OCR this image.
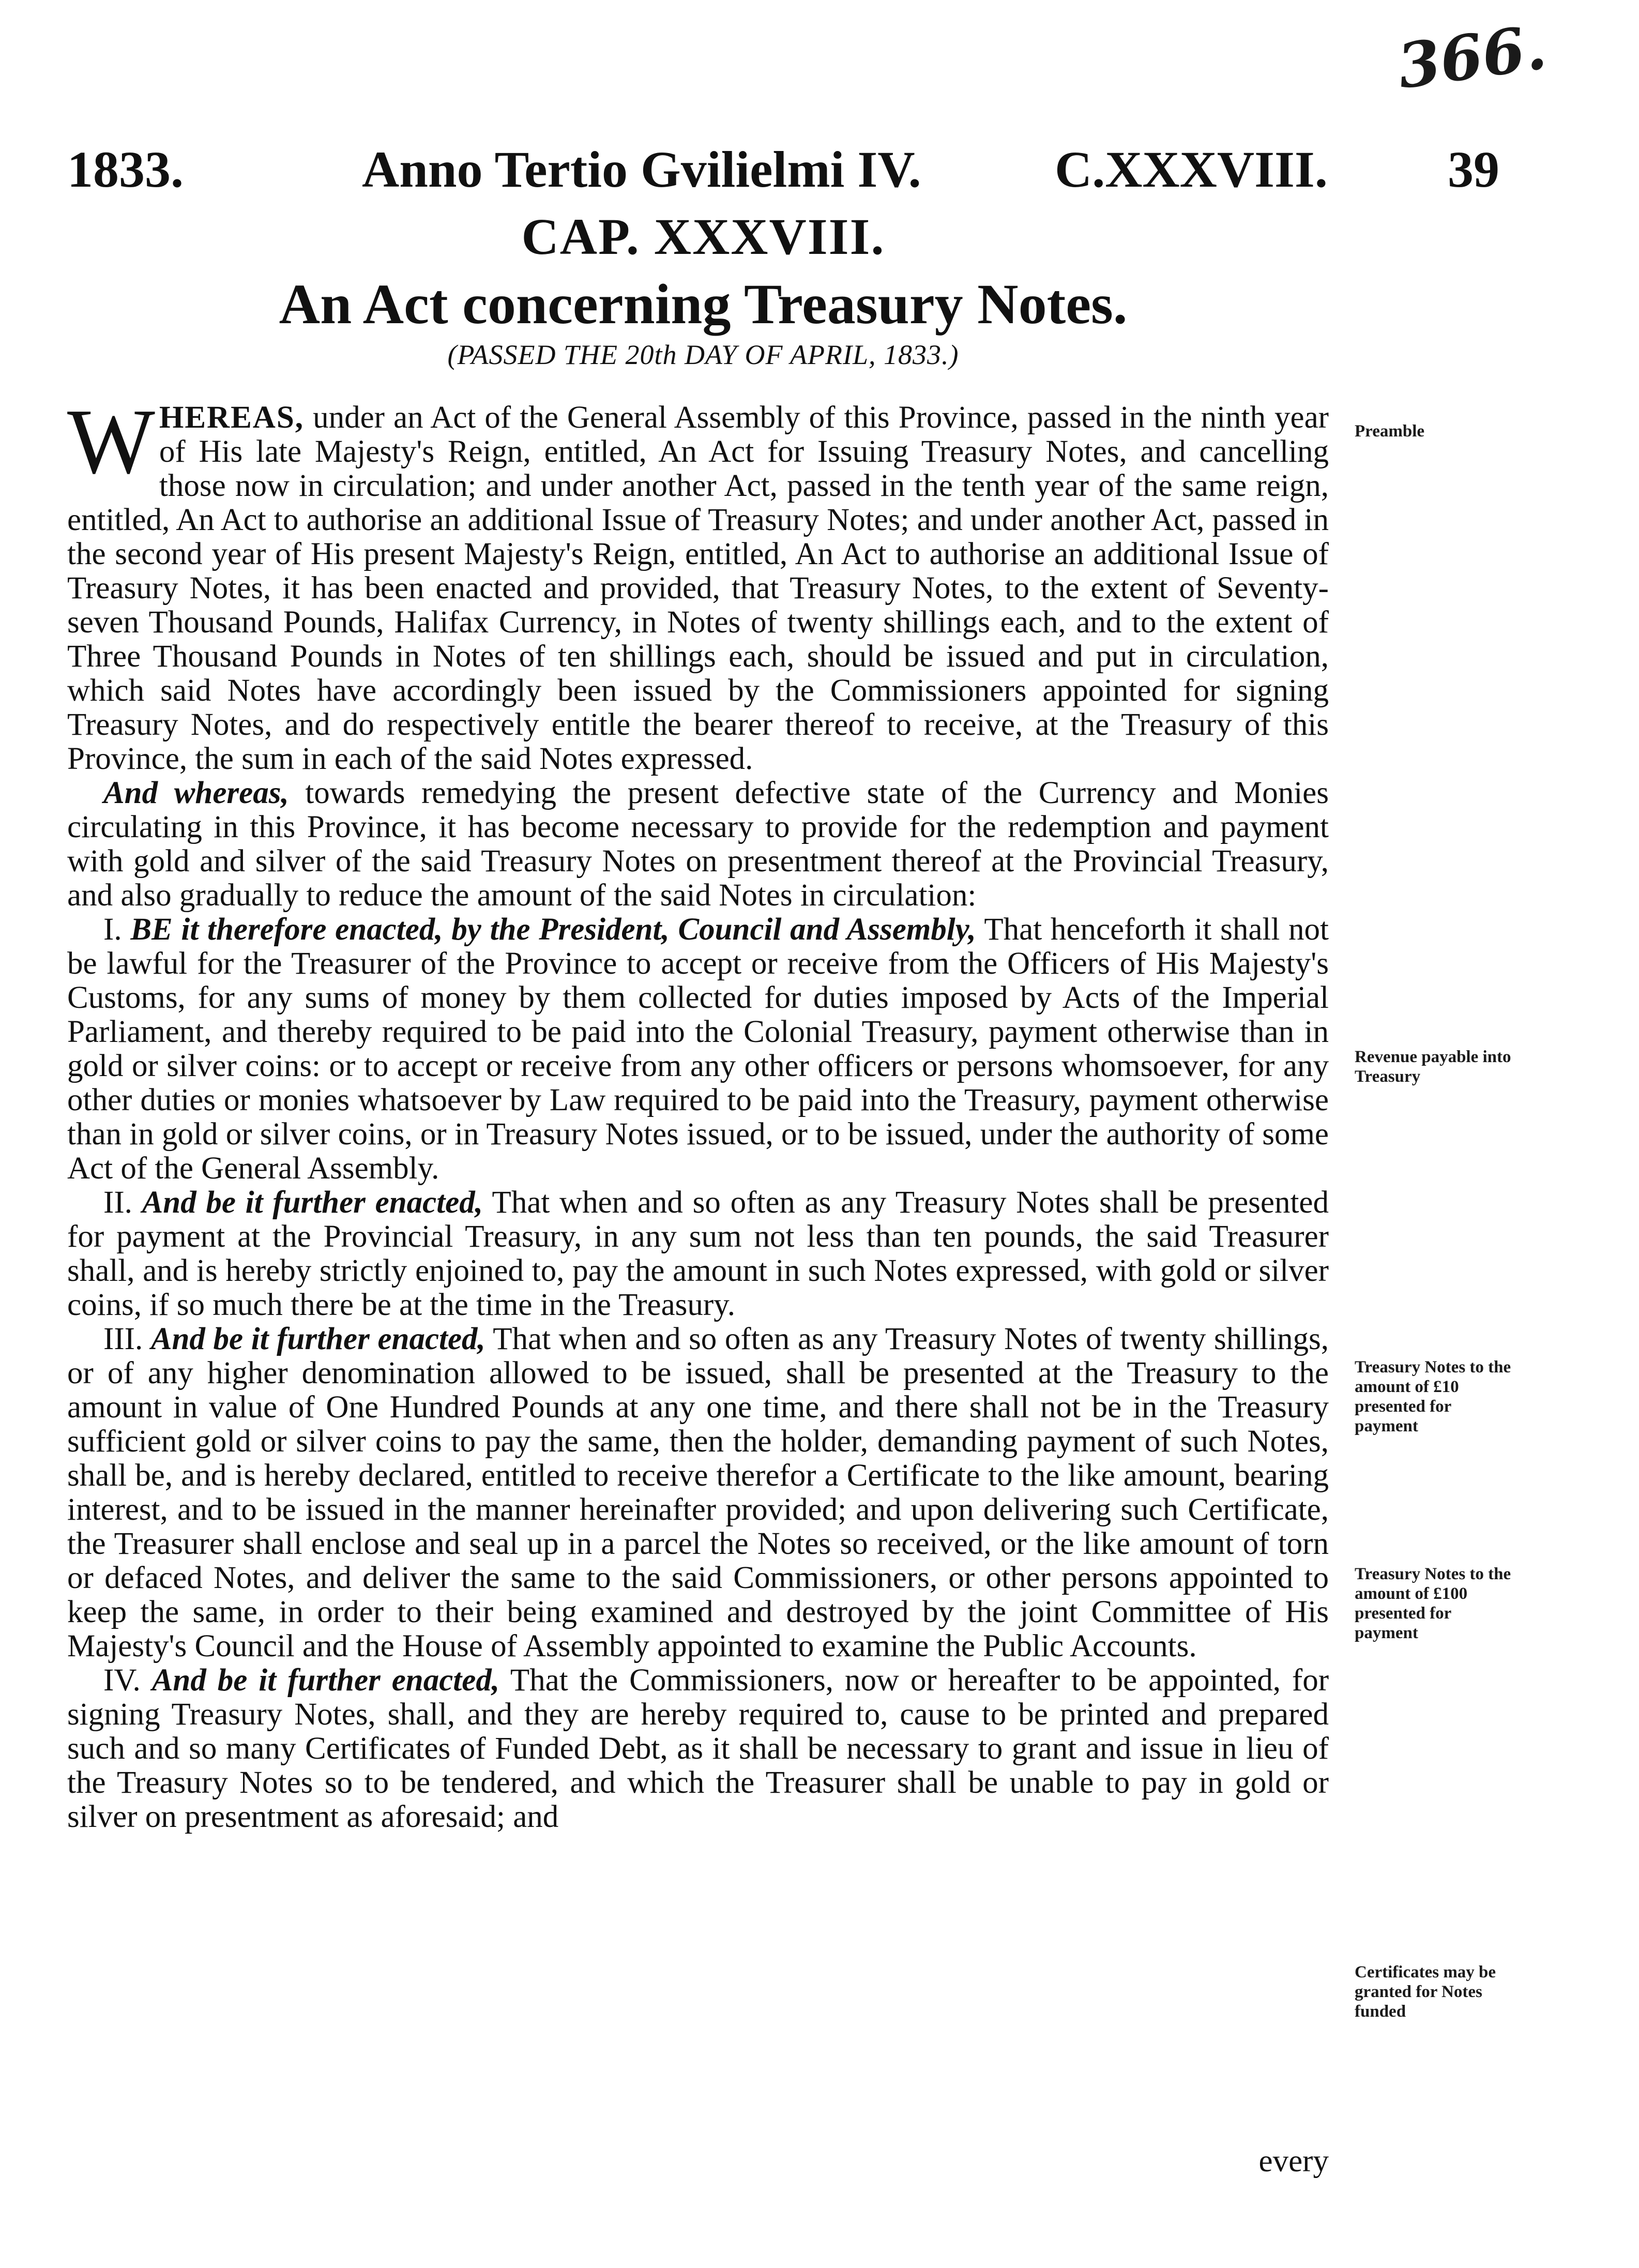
366.
1833.	Anno Tertio Gvilielmi IV.	C.XXXVIII. 39
CAP. XXXVIII.
An Act concerning Treasury Notes.
(PASSED THE 20th DAY OF APRIL, 1833.)

WHEREAS, under an Act of the General Assembly of this Province, passed in the ninth year of His late Majesty's Reign, entitled, An Act for Issuing Treasury Notes, and cancelling those now in circulation; and under another Act, passed in the tenth year of the same reign, entitled, An Act to authorise an additional Issue of Treasury Notes; and under another Act, passed in the second year of His present Majesty's Reign, entitled, An Act to authorise an additional Issue of Treasury Notes, it has been enacted and provided, that Treasury Notes, to the extent of Seventy-seven Thousand Pounds, Halifax Currency, in Notes of twenty shillings each, and to the extent of Three Thousand Pounds in Notes of ten shillings each, should be issued and put in circulation, which said Notes have accordingly been issued by the Commissioners appointed for signing Treasury Notes, and do respectively entitle the bearer thereof to receive, at the Treasury of this Province, the sum in each of the said Notes expressed.

And whereas, towards remedying the present defective state of the Currency and Monies circulating in this Province, it has become necessary to provide for the redemption and payment with gold and silver of the said Treasury Notes on presentment thereof at the Provincial Treasury, and also gradually to reduce the amount of the said Notes in circulation:

I. BE it therefore enacted, by the President, Council and Assembly, That henceforth it shall not be lawful for the Treasurer of the Province to accept or receive from the Officers of His Majesty's Customs, for any sums of money by them collected for duties imposed by Acts of the Imperial Parliament, and thereby required to be paid into the Colonial Treasury, payment otherwise than in gold or silver coins: or to accept or receive from any other officers or persons whomsoever, for any other duties or monies whatsoever by Law required to be paid into the Treasury, payment otherwise than in gold or silver coins, or in Treasury Notes issued, or to be issued, under the authority of some Act of the General Assembly.

II. And be it further enacted, That when and so often as any Treasury Notes shall be presented for payment at the Provincial Treasury, in any sum not less than ten pounds, the said Treasurer shall, and is hereby strictly enjoined to, pay the amount in such Notes expressed, with gold or silver coins, if so much there be at the time in the Treasury.

III. And be it further enacted, That when and so often as any Treasury Notes of twenty shillings, or of any higher denomination allowed to be issued, shall be presented at the Treasury to the amount in value of One Hundred Pounds at any one time, and there shall not be in the Treasury sufficient gold or silver coins to pay the same, then the holder, demanding payment of such Notes, shall be, and is hereby declared, entitled to receive therefor a Certificate to the like amount, bearing interest, and to be issued in the manner hereinafter provided; and upon delivering such Certificate, the Treasurer shall enclose and seal up in a parcel the Notes so received, or the like amount of torn or defaced Notes, and deliver the same to the said Commissioners, or other persons appointed to keep the same, in order to their being examined and destroyed by the joint Committee of His Majesty's Council and the House of Assembly appointed to examine the Public Accounts.

IV. And be it further enacted, That the Commissioners, now or hereafter to be appointed, for signing Treasury Notes, shall, and they are hereby required to, cause to be printed and prepared such and so many Certificates of Funded Debt, as it shall be necessary to grant and issue in lieu of the Treasury Notes so to be tendered, and which the Treasurer shall be unable to pay in gold or silver on presentment as aforesaid; and

every
Preamble
Revenue payable into Treasury
Treasury Notes to the amount of £10 presented for payment
Treasury Notes to the amount of £100 presented for payment
Certificates may be granted for Notes funded
